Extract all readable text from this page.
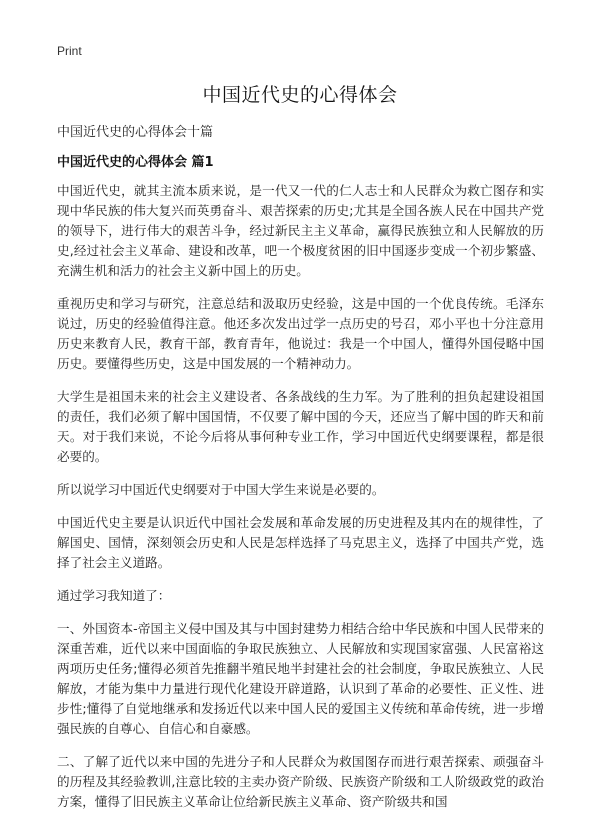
Print
中国近代史的心得体会

中国近代史的心得体会十篇

中国近代史的心得体会 篇1

中国近代史，就其主流本质来说，是一代又一代的仁人志士和人民群众为救亡图存和实现中华民族的伟大复兴而英勇奋斗、艰苦探索的历史;尤其是全国各族人民在中国共产党的领导下，进行伟大的艰苦斗争，经过新民主主义革命，赢得民族独立和人民解放的历史,经过社会主义革命、建设和改革，吧一个极度贫困的旧中国逐步变成一个初步繁盛、充满生机和活力的社会主义新中国上的历史。

重视历史和学习与研究，注意总结和汲取历史经验，这是中国的一个优良传统。毛泽东说过，历史的经验值得注意。他还多次发出过学一点历史的号召，邓小平也十分注意用历史来教育人民，教育干部，教育青年，他说过：我是一个中国人，懂得外国侵略中国历史。要懂得些历史，这是中国发展的一个精神动力。

大学生是祖国未来的社会主义建设者、各条战线的生力军。为了胜利的担负起建设祖国的责任，我们必须了解中国国情，不仅要了解中国的今天，还应当了解中国的昨天和前天。对于我们来说，不论今后将从事何种专业工作，学习中国近代史纲要课程，都是很必要的。

所以说学习中国近代史纲要对于中国大学生来说是必要的。

中国近代史主要是认识近代中国社会发展和革命发展的历史进程及其内在的规律性，了解国史、国情，深刻领会历史和人民是怎样选择了马克思主义，选择了中国共产党，选择了社会主义道路。

通过学习我知道了：

一、外国资本-帝国主义侵中国及其与中国封建势力相结合给中华民族和中国人民带来的深重苦难，近代以来中国面临的争取民族独立、人民解放和实现国家富强、人民富裕这两项历史任务;懂得必须首先推翻半殖民地半封建社会的社会制度，争取民族独立、人民解放，才能为集中力量进行现代化建设开辟道路，认识到了革命的必要性、正义性、进步性;懂得了自觉地继承和发扬近代以来中国人民的爱国主义传统和革命传统，进一步增强民族的自尊心、自信心和自豪感。

二、了解了近代以来中国的先进分子和人民群众为救国图存而进行艰苦探索、顽强奋斗的历程及其经验教训,注意比较的主卖办资产阶级、民族资产阶级和工人阶级政党的政治方案，懂得了旧民族主义革命让位给新民族主义革命、资产阶级共和国
